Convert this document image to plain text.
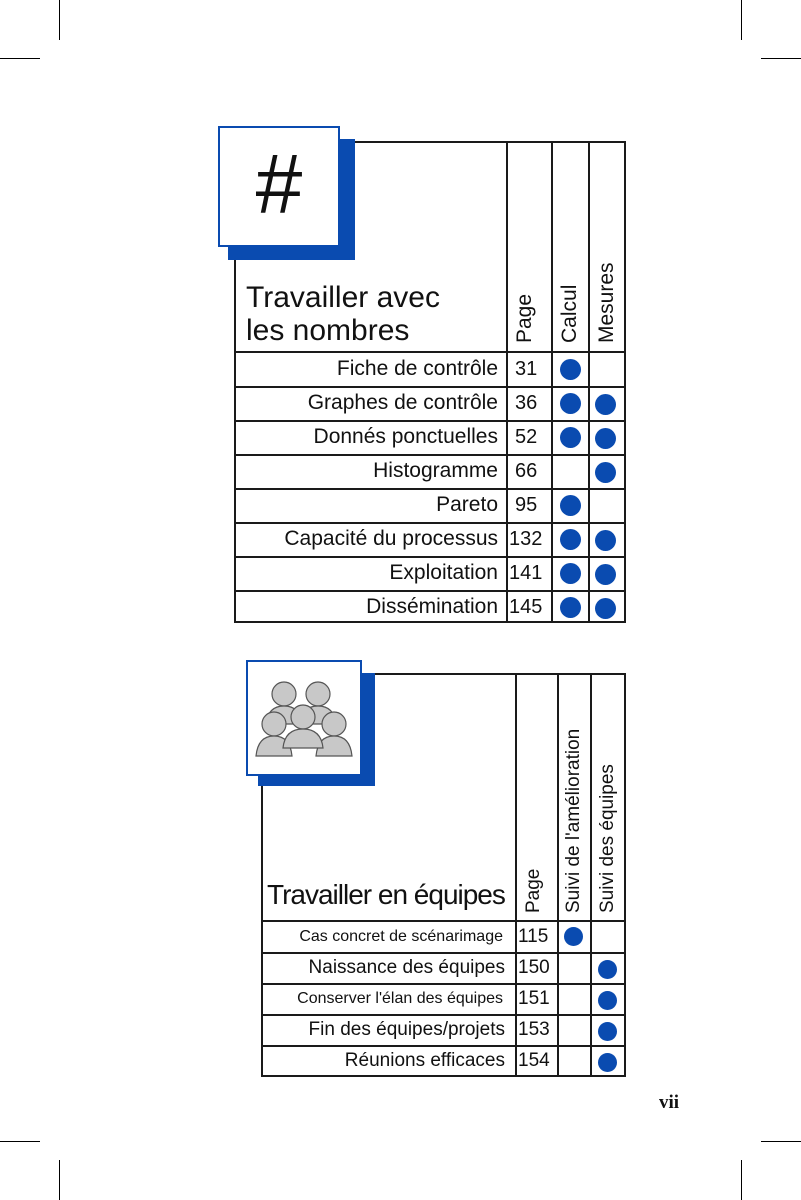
Travailler avec
les nombres	Page Calcul Mesures
Fiche de contrôle 31
Graphes de contrôle 36
Donnés ponctuelles 52
Histogramme 66
Pareto 95
Capacité du processus 132
Exploitation 141
Dissémination 145
#
Travailler en équipes Page Suivi de l'amélioration Suivi des équipes
Cas concret de scénarimage 115
Naissance des équipes 150
Conserver l'élan des équipes 151
Fin des équipes/projets 153
Réunions efficaces 154
vii
